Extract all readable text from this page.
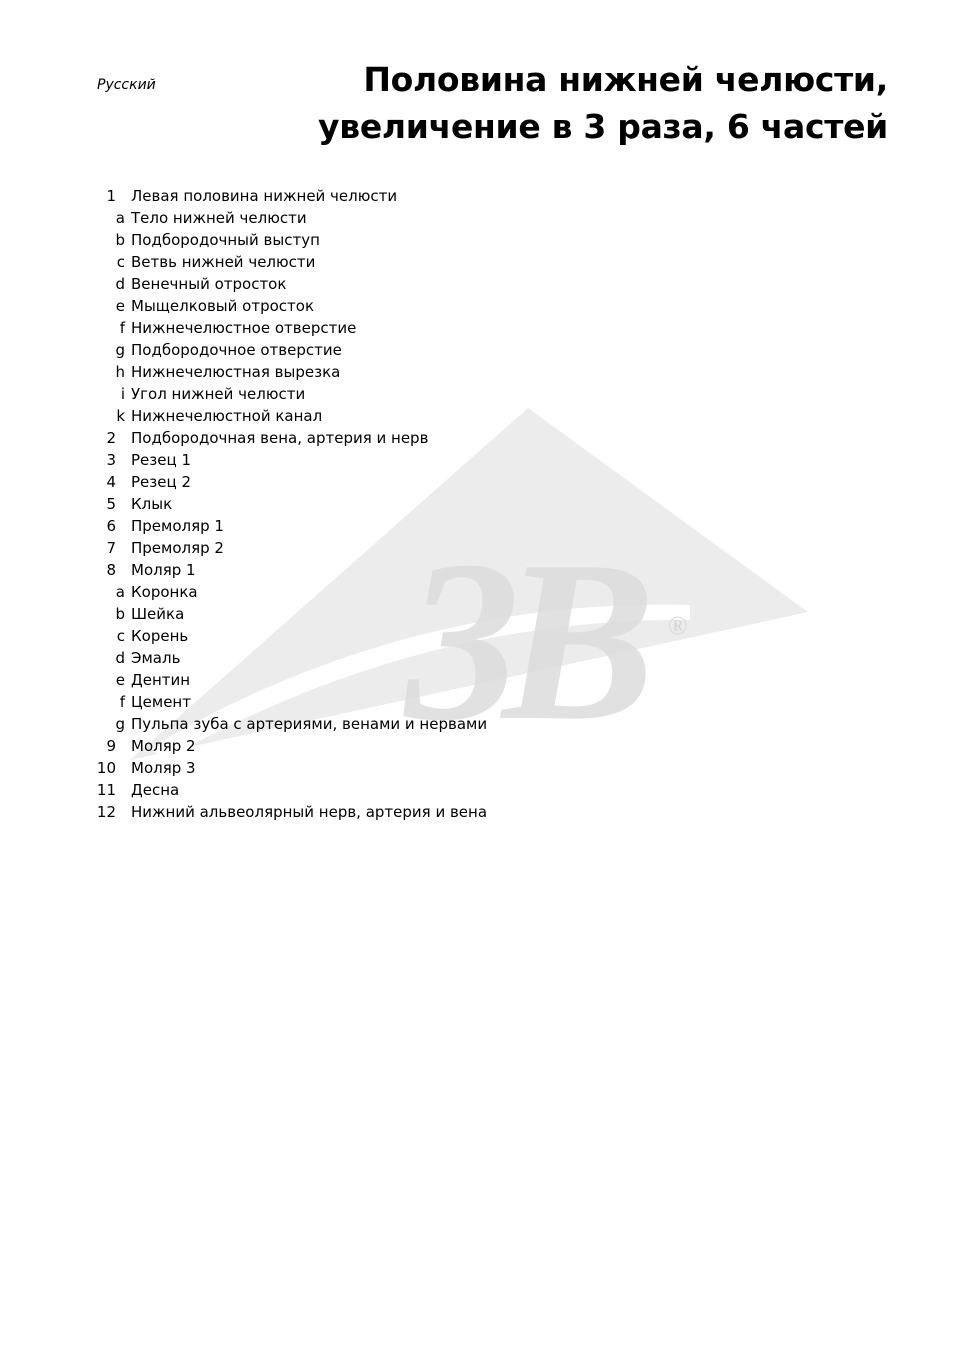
3B	®
Русский	Половина нижней челюсти,
увеличение в 3 раза, 6 частей
1 Левая половина нижней челюсти
a Тело нижней челюсти
b Подбородочный выступ
c Ветвь нижней челюсти
d Венечный отросток
e Мыщелковый отросток
f Нижнечелюстное отверстие
g Подбородочное отверстие
h Нижнечелюстная вырезка
i Угол нижней челюсти
k Нижнечелюстной канал
2 Подбородочная вена, артерия и нерв
3 Резец 1
4 Резец 2
5 Клык
6 Премоляр 1
7 Премоляр 2
8 Моляр 1
a Коронка
b Шейка
c Корень
d Эмаль
e Дентин
f Цемент
g Пульпа зуба с артериями, венами и нервами
9 Моляр 2
10 Моляр 3
11 Десна
12 Нижний альвеолярный нерв, артерия и вена
